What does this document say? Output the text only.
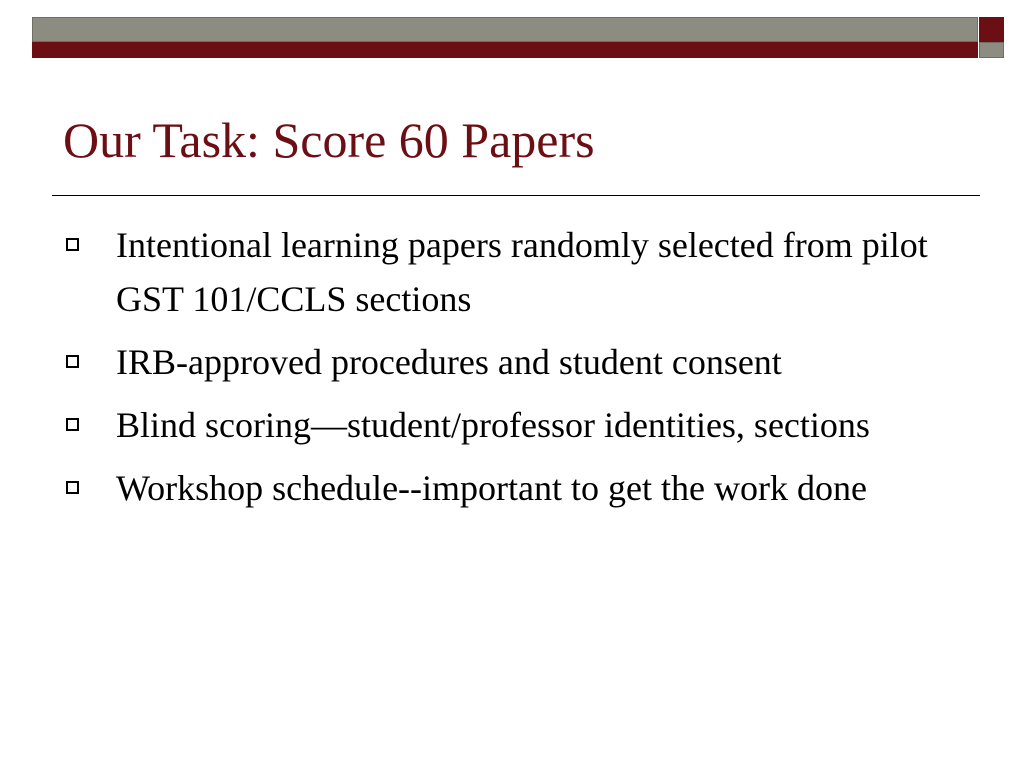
Our Task: Score 60 Papers
Intentional learning papers randomly selected from pilot GST 101/CCLS sections
IRB-approved procedures and student consent
Blind scoring—student/professor identities, sections
Workshop schedule--important to get the work done
